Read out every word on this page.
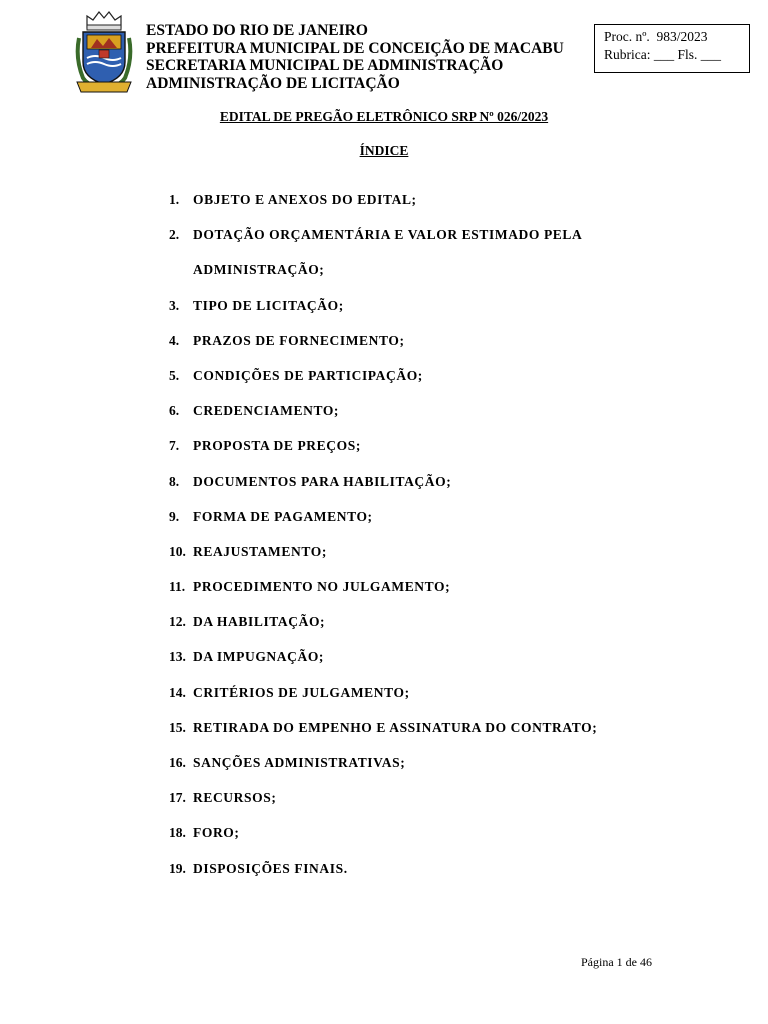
ESTADO DO RIO DE JANEIRO
PREFEITURA MUNICIPAL DE CONCEIÇÃO DE MACABU
SECRETARIA MUNICIPAL DE ADMINISTRAÇÃO
ADMINISTRAÇÃO DE LICITAÇÃO
Proc. nº.  983/2023
Rubrica: ___ Fls. ___
EDITAL DE PREGÃO ELETRÔNICO SRP Nº 026/2023
ÍNDICE
1.	OBJETO E ANEXOS DO EDITAL;
2.	DOTAÇÃO ORÇAMENTÁRIA E VALOR ESTIMADO PELA
ADMINISTRAÇÃO;
3.	TIPO DE LICITAÇÃO;
4.	PRAZOS DE FORNECIMENTO;
5.	CONDIÇÕES DE PARTICIPAÇÃO;
6.	CREDENCIAMENTO;
7.	PROPOSTA DE PREÇOS;
8.	DOCUMENTOS PARA HABILITAÇÃO;
9.	FORMA DE PAGAMENTO;
10. REAJUSTAMENTO;
11. PROCEDIMENTO NO JULGAMENTO;
12. DA HABILITAÇÃO;
13. DA IMPUGNAÇÃO;
14. CRITÉRIOS DE JULGAMENTO;
15. RETIRADA DO EMPENHO E ASSINATURA DO CONTRATO;
16. SANÇÕES ADMINISTRATIVAS;
17. RECURSOS;
18. FORO;
19. DISPOSIÇÕES FINAIS.
Página 1 de 46
